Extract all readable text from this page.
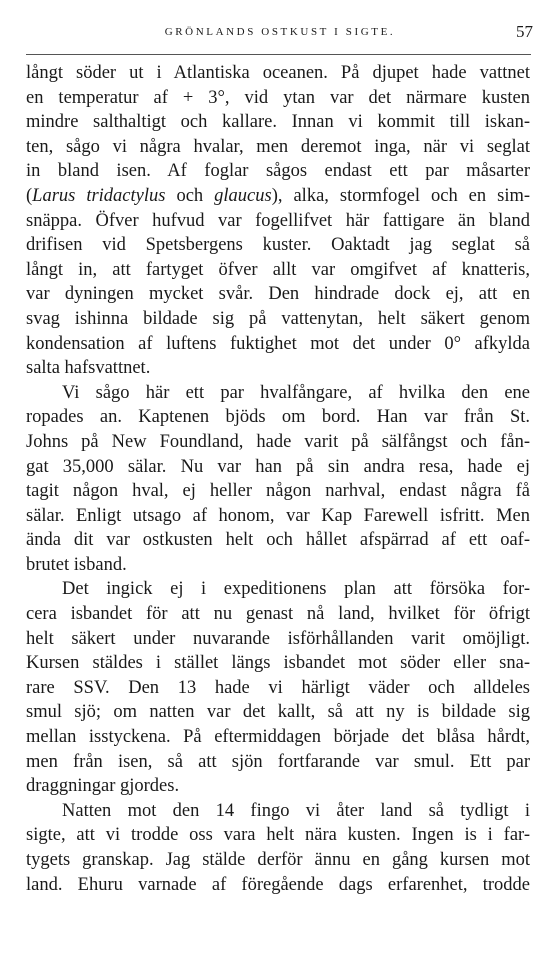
GRÖNLANDS OSTKUST I SIGTE.	57
långt söder ut i Atlantiska oceanen. På djupet hade vattnet
en temperatur af + 3°, vid ytan var det närmare kusten
mindre salthaltigt och kallare. Innan vi kommit till iskan-
ten, sågo vi några hvalar, men deremot inga, när vi seglat
in bland isen. Af foglar sågos endast ett par måsarter
(Larus tridactylus och glaucus), alka, stormfogel och en sim-
snäppa. Öfver hufvud var fogellifvet här fattigare än bland
drifisen vid Spetsbergens kuster. Oaktadt jag seglat så
långt in, att fartyget öfver allt var omgifvet af knatteris,
var dyningen mycket svår. Den hindrade dock ej, att en
svag ishinna bildade sig på vattenytan, helt säkert genom
kondensation af luftens fuktighet mot det under 0° afkylda
salta hafsvattnet.
Vi sågo här ett par hvalfångare, af hvilka den ene
ropades an. Kaptenen bjöds om bord. Han var från St.
Johns på New Foundland, hade varit på sälfångst och fån-
gat 35,000 sälar. Nu var han på sin andra resa, hade ej
tagit någon hval, ej heller någon narhval, endast några få
sälar. Enligt utsago af honom, var Kap Farewell isfritt. Men
ända dit var ostkusten helt och hållet afspärrad af ett oaf-
brutet isband.
Det ingick ej i expeditionens plan att försöka for-
cera isbandet för att nu genast nå land, hvilket för öfrigt
helt säkert under nuvarande isförhållanden varit omöjligt.
Kursen stäldes i stället längs isbandet mot söder eller sna-
rare SSV. Den 13 hade vi härligt väder och alldeles
smul sjö; om natten var det kallt, så att ny is bildade sig
mellan isstyckena. På eftermiddagen började det blåsa hårdt,
men från isen, så att sjön fortfarande var smul. Ett par
draggningar gjordes.
Natten mot den 14 fingo vi åter land så tydligt i
sigte, att vi trodde oss vara helt nära kusten. Ingen is i far-
tygets granskap. Jag stälde derför ännu en gång kursen mot
land. Ehuru varnade af föregående dags erfarenhet, trodde
